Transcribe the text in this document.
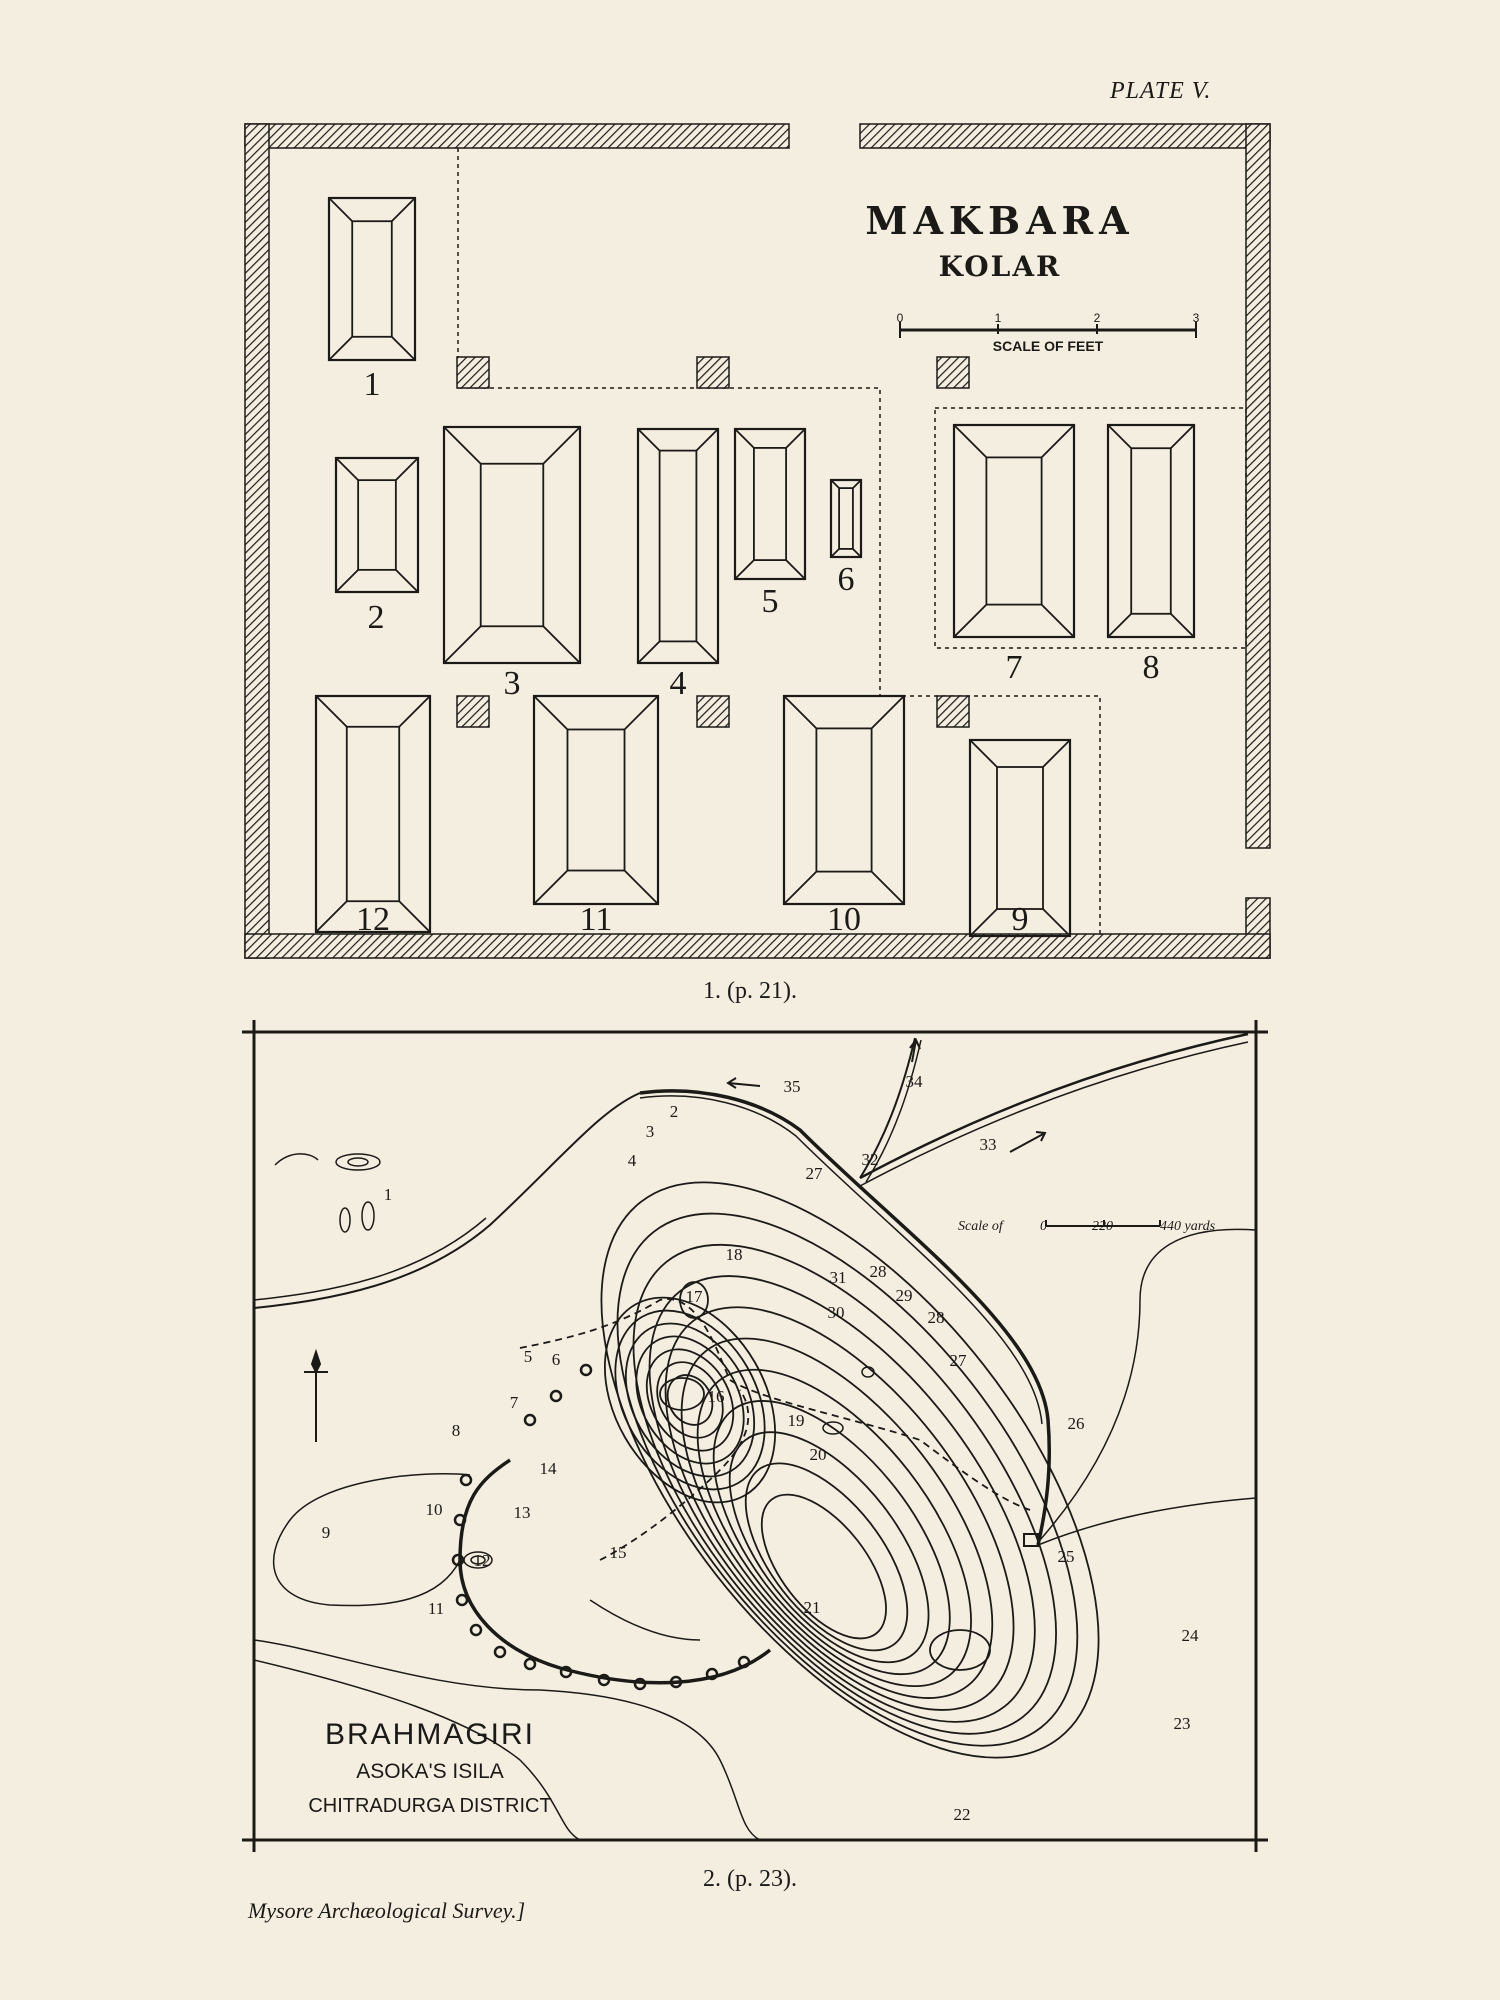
PLATE V.
1
2
3	4
5
6
7	8
9
10
11
12
MAKBARA
KOLAR
0	1	2	3
SCALE OF FEET
1. (p. 21).
1
2
3
4
5 6
7
8
9
10
11
12
13
14
15
16
17
18
19
20
21
22
23
24
25
26
27
27
28
28
29
30
31
32
33
34
35
Scale of	0	220	440 yards
BRAHMAGIRI
ASOKA'S ISILA
CHITRADURGA DISTRICT
2. (p. 23).
Mysore Archæological Survey.]
